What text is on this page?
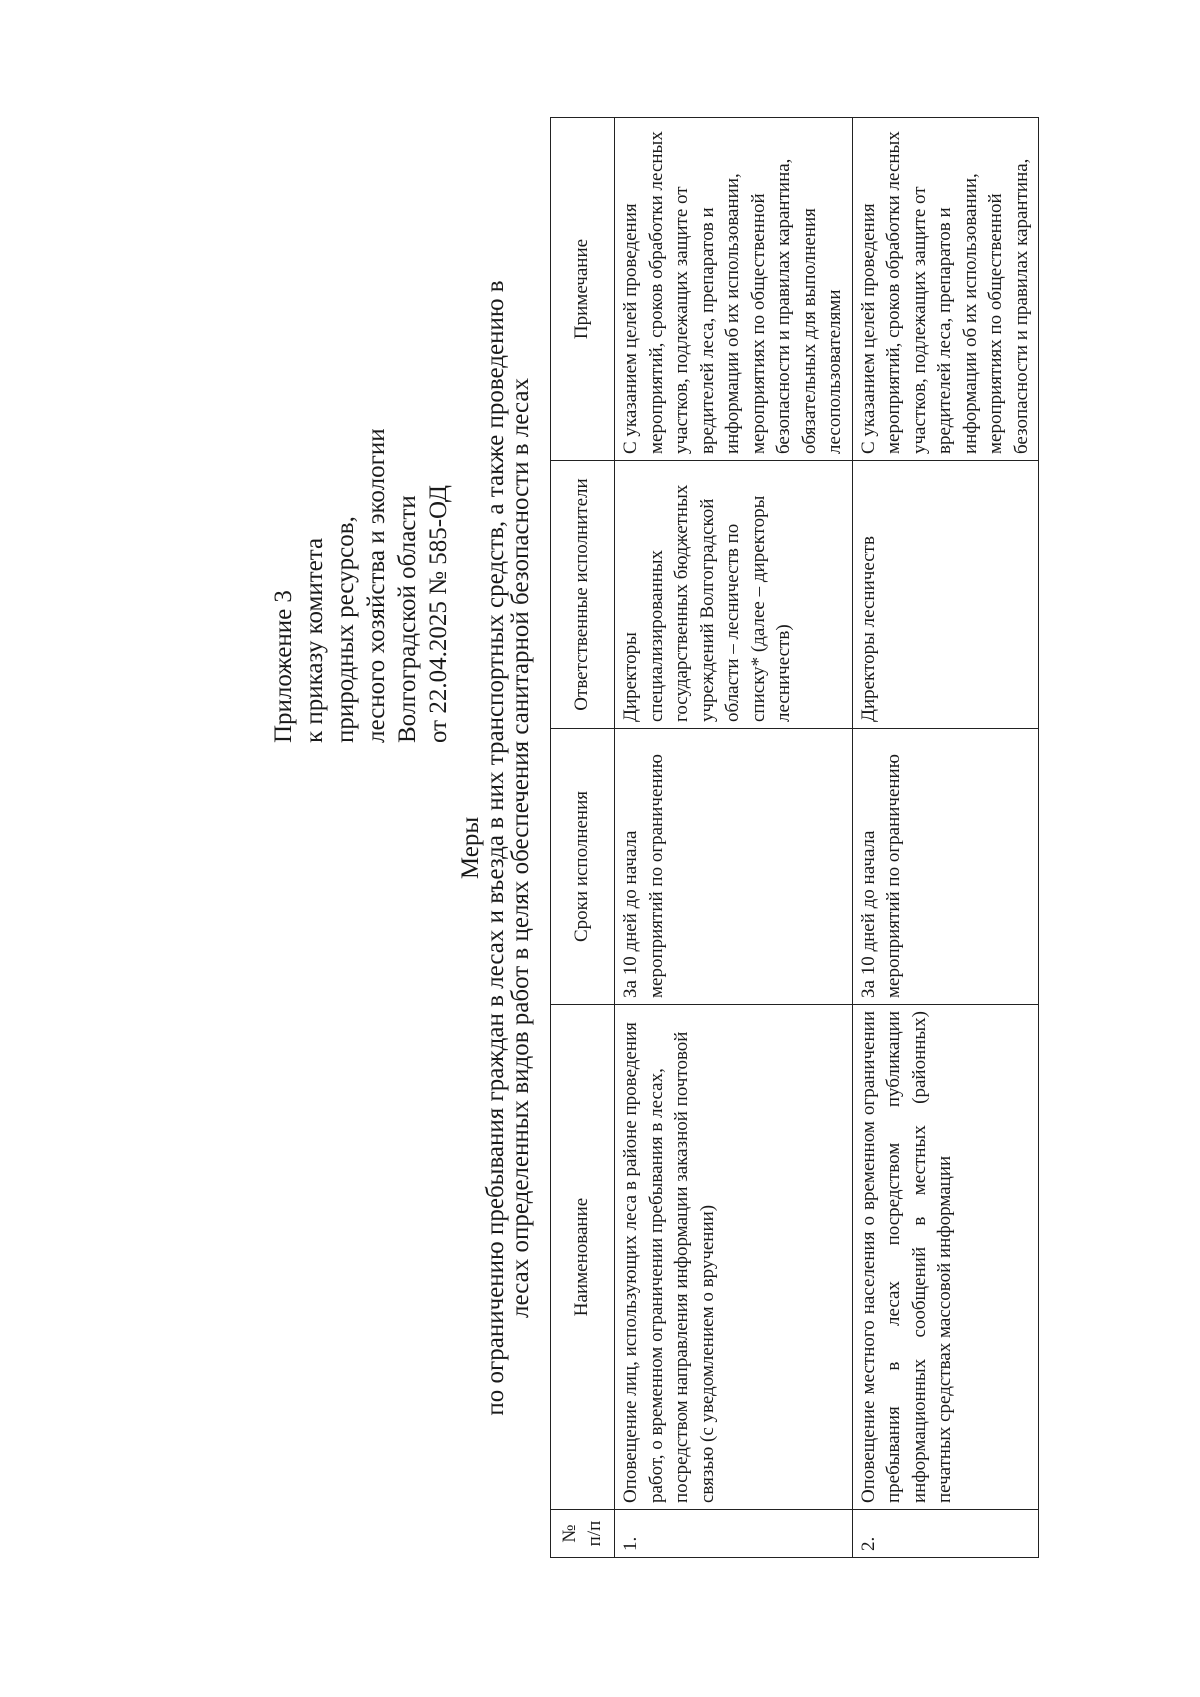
Приложение 3 к приказу комитета природных ресурсов, лесного хозяйства и экологии Волгоградской области от 22.04.2025 № 585-ОД
Меры
по ограничению пребывания граждан в лесах и въезда в них транспортных средств, а также проведению в
лесах определенных видов работ в целях обеспечения санитарной безопасности в лесах
№ п/п	Наименование	Сроки исполнения	Ответственные исполнители	Примечание
1.	Оповещение лиц, использующих леса в районе проведения работ, о временном ограничении пребывания в лесах, посредством направления информации заказной почтовой связью (с уведомлением о вручении)	За 10 дней до начала мероприятий по ограничению	Директоры специализированных государственных бюджетных учреждений Волгоградской области – лесничеств по списку* (далее – директоры лесничеств)	С указанием целей проведения мероприятий, сроков обработки лесных участков, подлежащих защите от вредителей леса, препаратов и информации об их использовании, мероприятиях по общественной безопасности и правилах карантина, обязательных для выполнения лесопользователями
2.	Оповещение местного населения о временном ограничении пребывания в лесах посредством публикации информационных сообщений в местных (районных) печатных средствах массовой информации	За 10 дней до начала мероприятий по ограничению	Директоры лесничеств	С указанием целей проведения мероприятий, сроков обработки лесных участков, подлежащих защите от вредителей леса, препаратов и информации об их использовании, мероприятиях по общественной безопасности и правилах карантина,
